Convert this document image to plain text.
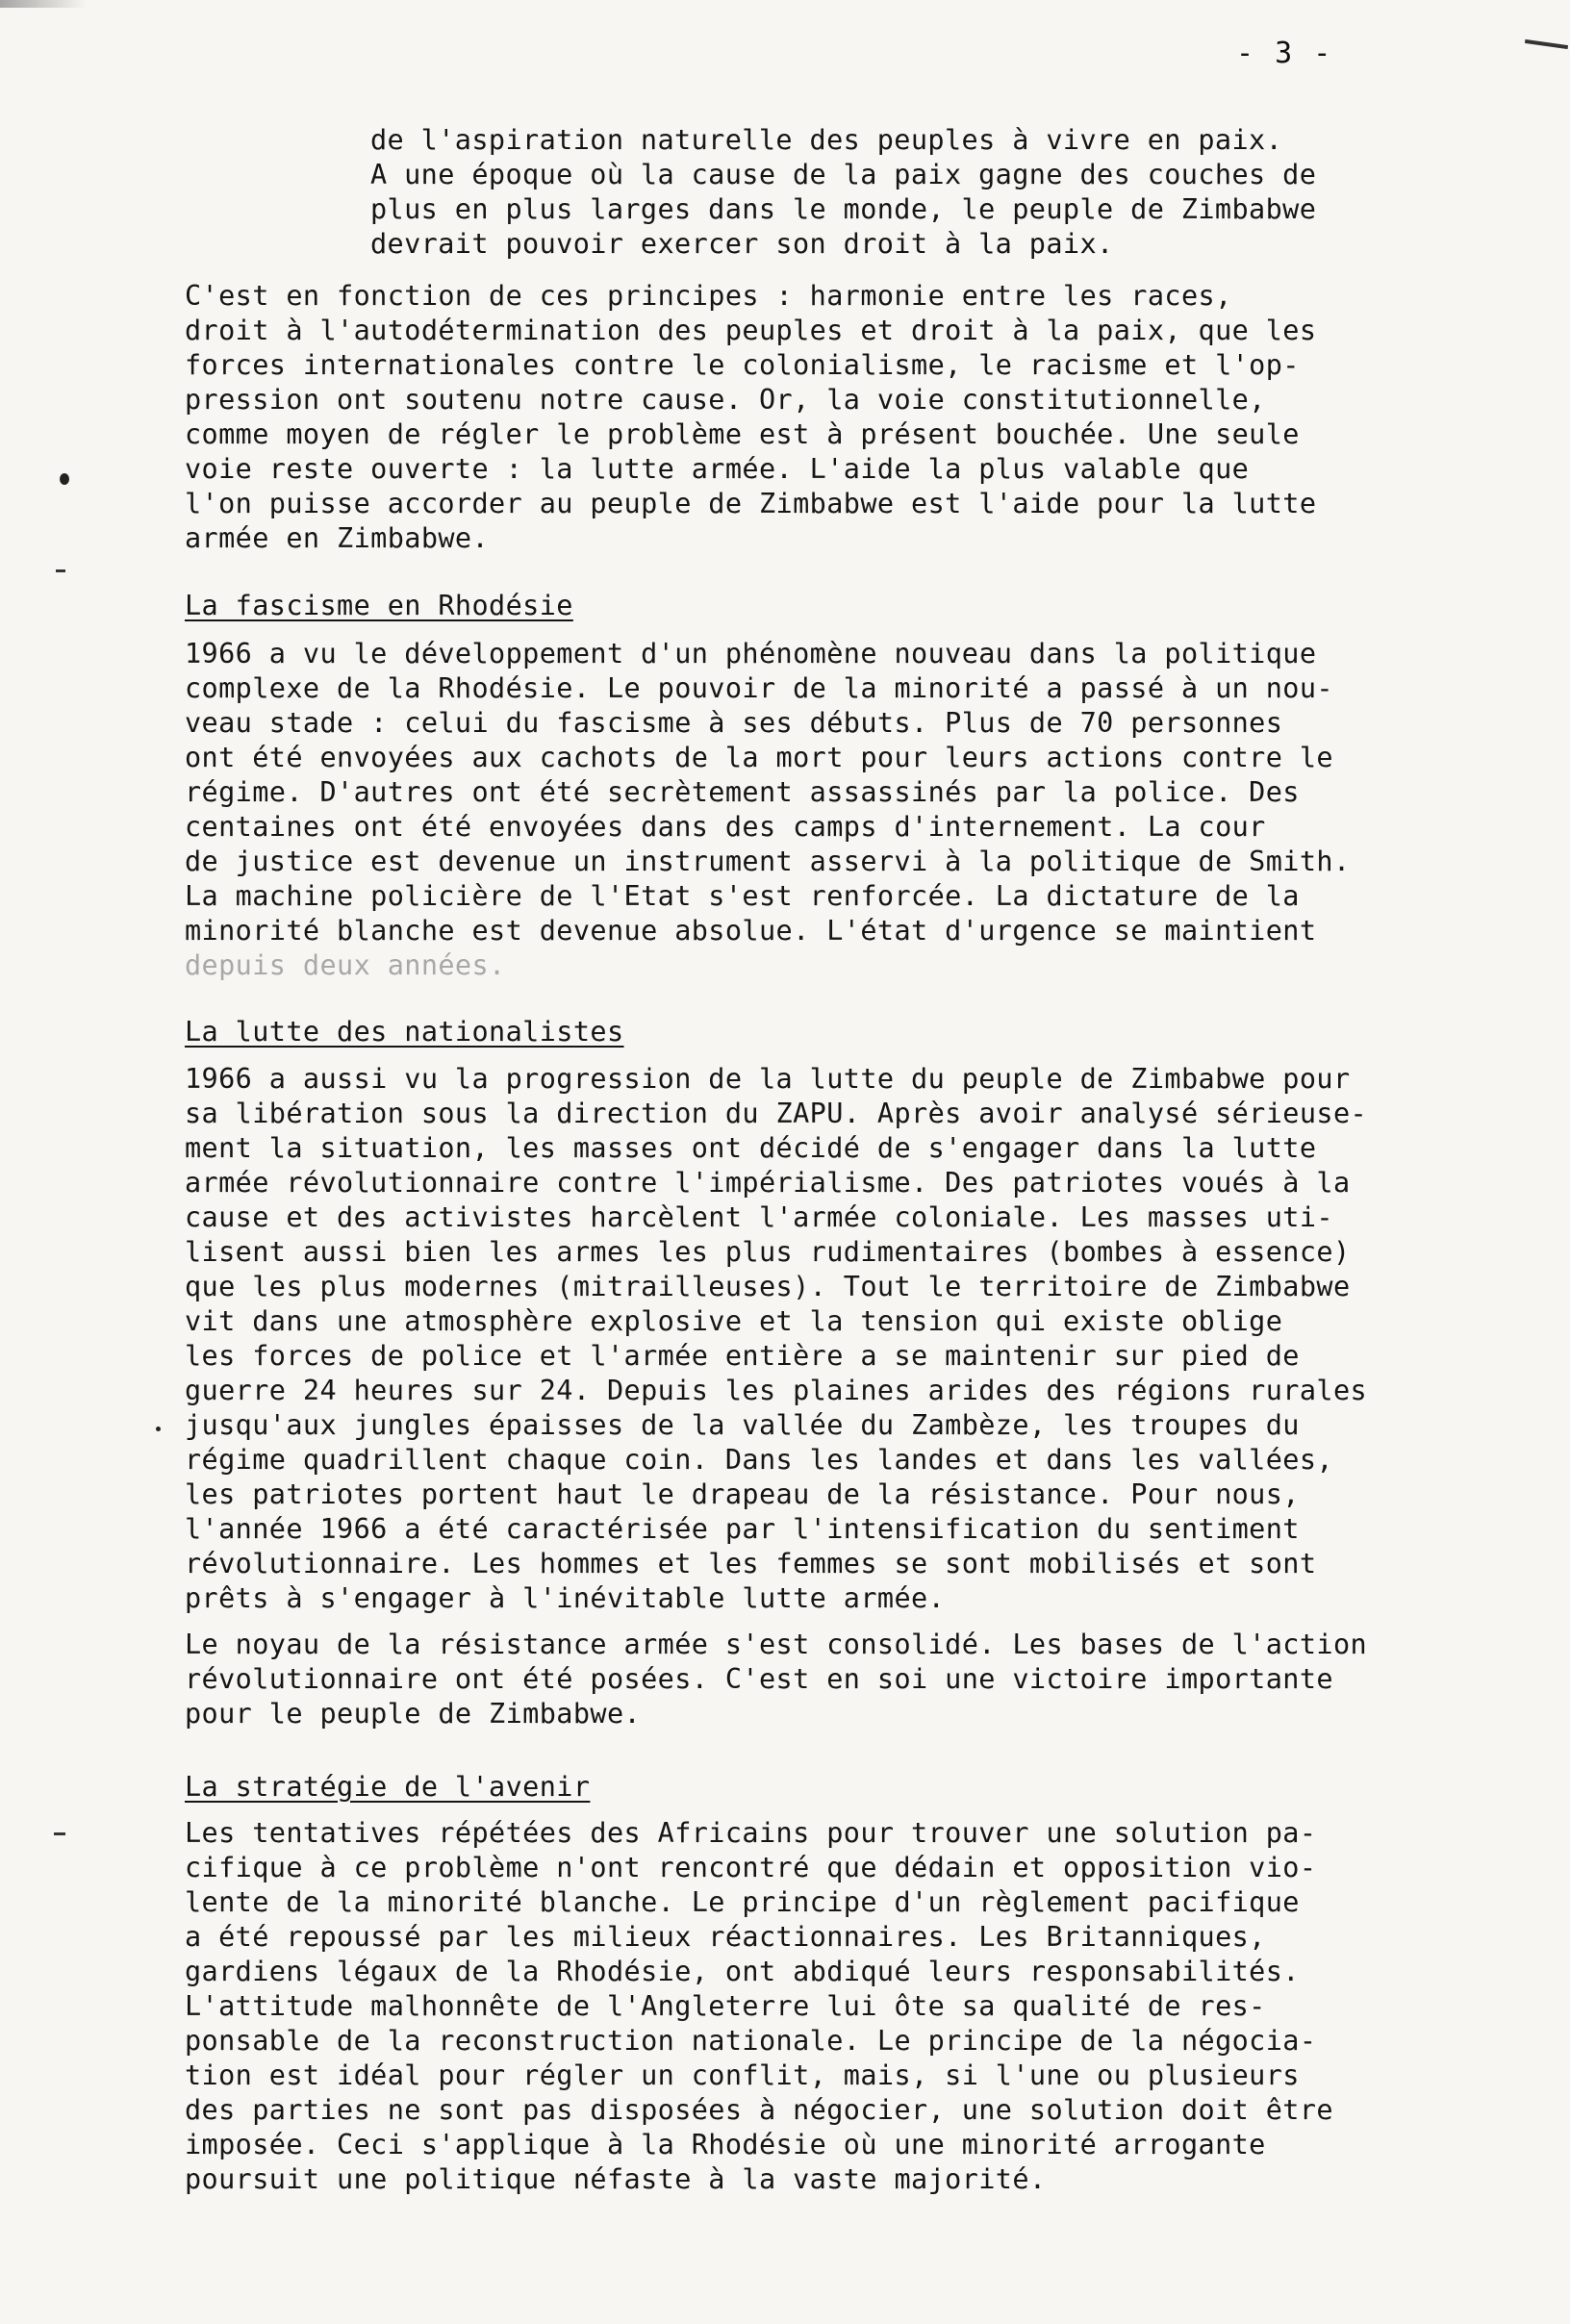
- 3 -

de l'aspiration naturelle des peuples à vivre en paix.
A une époque où la cause de la paix gagne des couches de
plus en plus larges dans le monde, le peuple de Zimbabwe
devrait pouvoir exercer son droit à la paix.

C'est en fonction de ces principes : harmonie entre les races,
droit à l'autodétermination des peuples et droit à la paix, que les
forces internationales contre le colonialisme, le racisme et l'op-
pression ont soutenu notre cause. Or, la voie constitutionnelle,
comme moyen de régler le problème est à présent bouchée. Une seule
voie reste ouverte : la lutte armée. L'aide la plus valable que
l'on puisse accorder au peuple de Zimbabwe est l'aide pour la lutte
armée en Zimbabwe.

La fascisme en Rhodésie

1966 a vu le développement d'un phénomène nouveau dans la politique
complexe de la Rhodésie. Le pouvoir de la minorité a passé à un nou-
veau stade : celui du fascisme à ses débuts. Plus de 70 personnes
ont été envoyées aux cachots de la mort pour leurs actions contre le
régime. D'autres ont été secrètement assassinés par la police. Des
centaines ont été envoyées dans des camps d'internement. La cour
de justice est devenue un instrument asservi à la politique de Smith.
La machine policière de l'Etat s'est renforcée. La dictature de la
minorité blanche est devenue absolue. L'état d'urgence se maintient

depuis deux années.

La lutte des nationalistes

1966 a aussi vu la progression de la lutte du peuple de Zimbabwe pour
sa libération sous la direction du ZAPU. Après avoir analysé sérieuse-
ment la situation, les masses ont décidé de s'engager dans la lutte
armée révolutionnaire contre l'impérialisme. Des patriotes voués à la
cause et des activistes harcèlent l'armée coloniale. Les masses uti-
lisent aussi bien les armes les plus rudimentaires (bombes à essence)
que les plus modernes (mitrailleuses). Tout le territoire de Zimbabwe
vit dans une atmosphère explosive et la tension qui existe oblige
les forces de police et l'armée entière a se maintenir sur pied de
guerre 24 heures sur 24. Depuis les plaines arides des régions rurales
jusqu'aux jungles épaisses de la vallée du Zambèze, les troupes du
régime quadrillent chaque coin. Dans les landes et dans les vallées,
les patriotes portent haut le drapeau de la résistance. Pour nous,
l'année 1966 a été caractérisée par l'intensification du sentiment
révolutionnaire. Les hommes et les femmes se sont mobilisés et sont
prêts à s'engager à l'inévitable lutte armée.

Le noyau de la résistance armée s'est consolidé. Les bases de l'action
révolutionnaire ont été posées. C'est en soi une victoire importante
pour le peuple de Zimbabwe.

La stratégie de l'avenir

Les tentatives répétées des Africains pour trouver une solution pa-
cifique à ce problème n'ont rencontré que dédain et opposition vio-
lente de la minorité blanche. Le principe d'un règlement pacifique
a été repoussé par les milieux réactionnaires. Les Britanniques,
gardiens légaux de la Rhodésie, ont abdiqué leurs responsabilités.
L'attitude malhonnête de l'Angleterre lui ôte sa qualité de res-
ponsable de la reconstruction nationale. Le principe de la négocia-
tion est idéal pour régler un conflit, mais, si l'une ou plusieurs
des parties ne sont pas disposées à négocier, une solution doit être
imposée. Ceci s'applique à la Rhodésie où une minorité arrogante
poursuit une politique néfaste à la vaste majorité.
